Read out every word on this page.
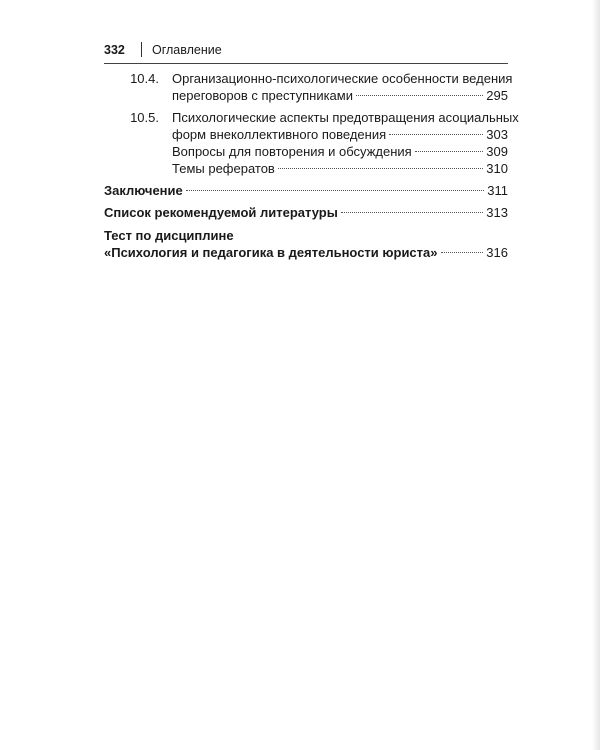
332 Оглавление
10.4. Организационно-психологические особенности ведения
переговоров с преступниками	295
10.5. Психологические аспекты предотвращения асоциальных
форм внеколлективного поведения	303
Вопросы для повторения и обсуждения	309
Темы рефератов	310
Заключение	311
Список рекомендуемой литературы	313
Тест по дисциплине
«Психология и педагогика в деятельности юриста»	316
